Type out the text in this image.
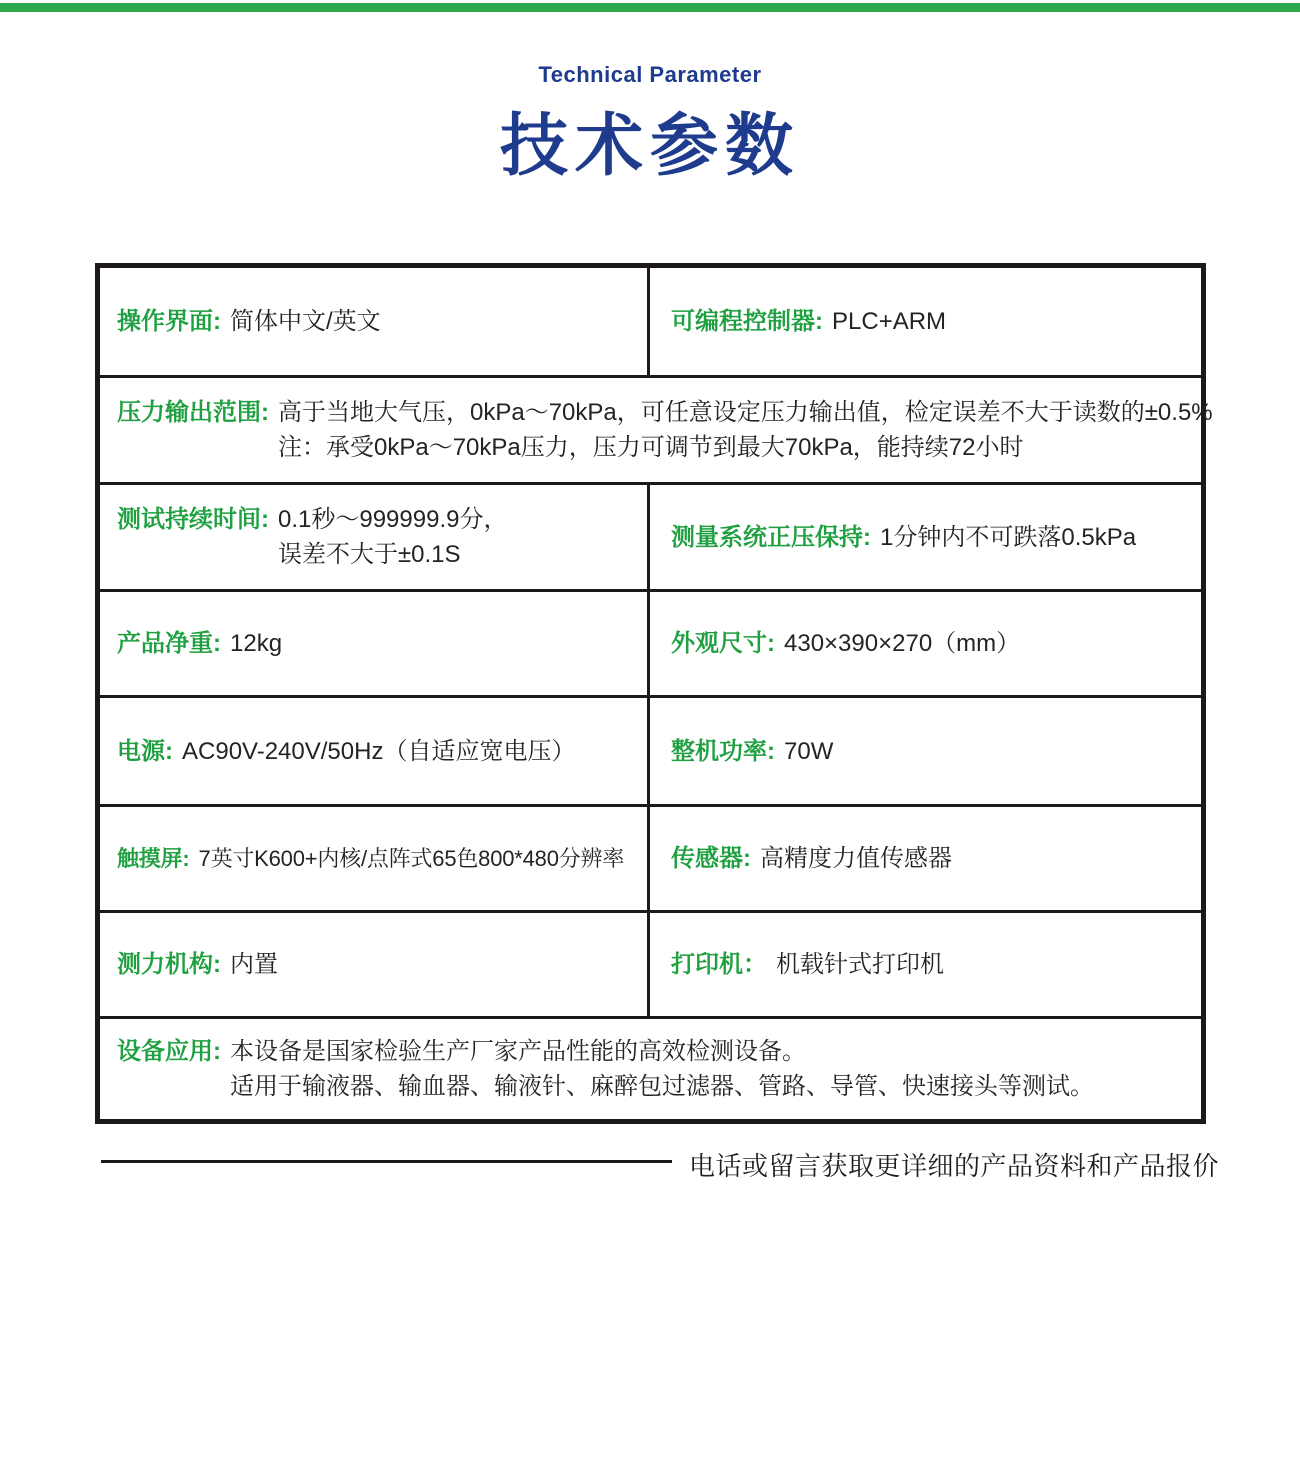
Technical Parameter
技术参数
操作界面: 简体中文/英文	可编程控制器: PLC+ARM
压力输出范围: 高于当地大气压，0kPa～70kPa，可任意设定压力输出值，检定误差不大于读数的±0.5%
注：承受0kPa～70kPa压力，压力可调节到最大70kPa，能持续72小时
测试持续时间: 0.1秒～999999.9分，
误差不大于±0.1S
测量系统正压保持: 1分钟内不可跌落0.5kPa
产品净重: 12kg	外观尺寸: 430×390×270（mm）
电源: AC90V-240V/50Hz（自适应宽电压）	整机功率: 70W
触摸屏: 7英寸K600+内核/点阵式65色800*480分辨率 传感器: 高精度力值传感器
测力机构: 内置	打印机： 机载针式打印机
设备应用: 本设备是国家检验生产厂家产品性能的高效检测设备。
适用于输液器、输血器、输液针、麻醉包过滤器、管路、导管、快速接头等测试。
电话或留言获取更详细的产品资料和产品报价
